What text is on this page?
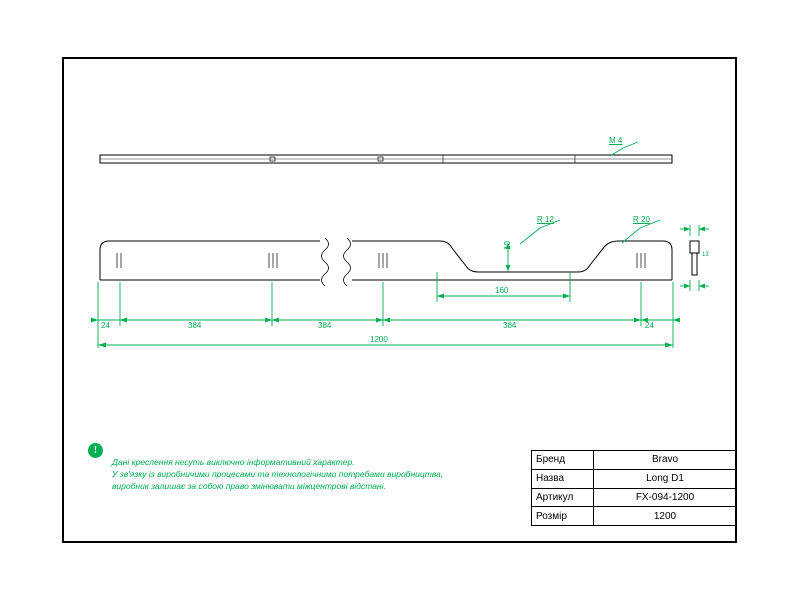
M 4
R 12	R 20
10
160
24	384	384	384	24
1200
13
!
Дані креслення несуть виключно інформативний характер.
У зв'язку із виробничими процесами та технологічними потребами виробництва,
виробник залишає за собою право змінювати міжцентрові відстані.
Бренд	Bravo
Назва	Long D1
Артикул	FX-094-1200
Розмір	1200
